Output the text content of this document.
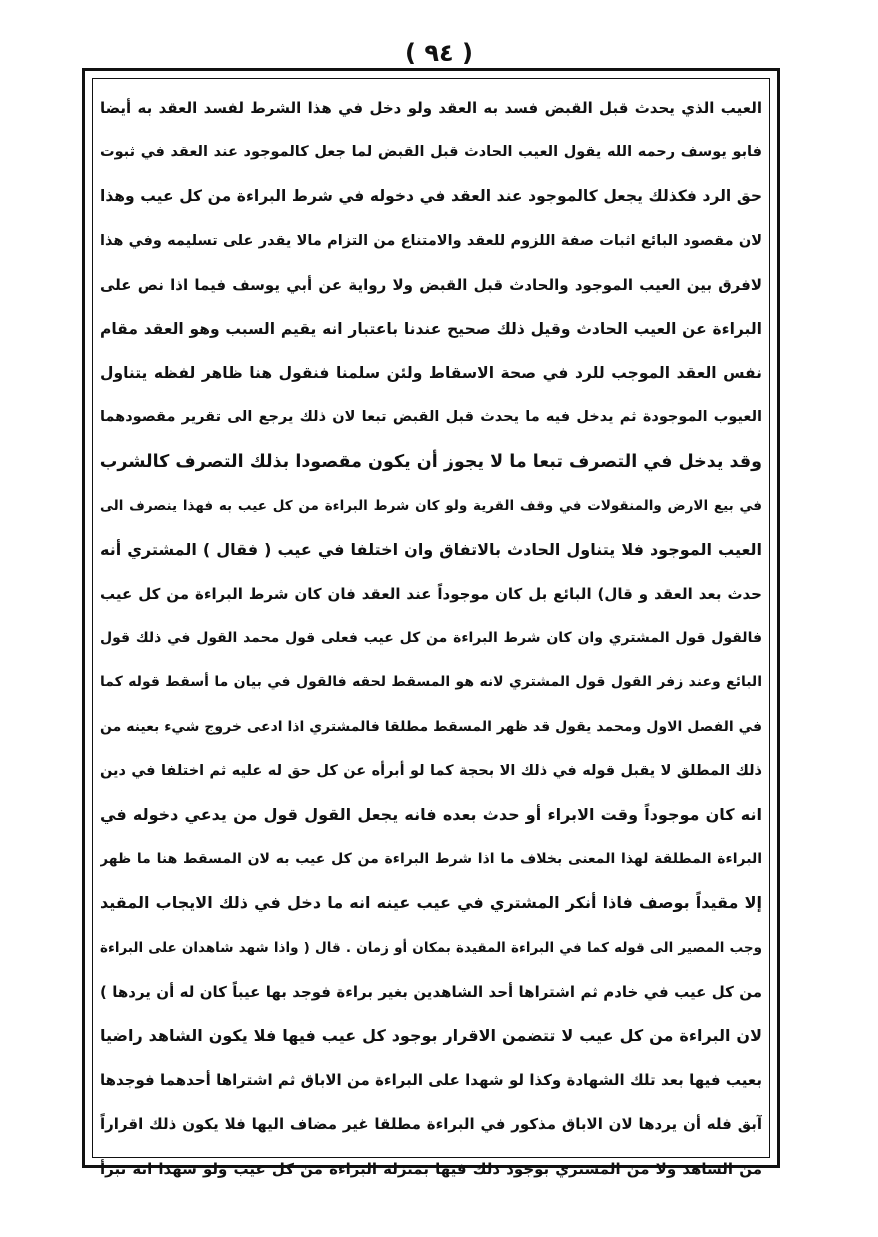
( ٩٤ )
العيب الذي يحدث قبل القبض فسد به العقد ولو دخل في هذا الشرط لفسد العقد به أيضا
فابو يوسف رحمه الله يقول العيب الحادث قبل القبض لما جعل كالموجود عند العقد في ثبوت
حق الرد فكذلك يجعل كالموجود عند العقد في دخوله في شرط البراءة من كل عيب وهذا
لان مقصود البائع اثبات صفة اللزوم للعقد والامتناع من التزام مالا يقدر على تسليمه وفي هذا
لافرق بين العيب الموجود والحادث قبل القبض ولا رواية عن أبي يوسف فيما اذا نص على
البراءة عن العيب الحادث وقيل ذلك صحيح عندنا باعتبار انه يقيم السبب وهو العقد مقام
نفس العقد الموجب للرد في صحة الاسقاط ولئن سلمنا فنقول هنا ظاهر لفظه يتناول
العيوب الموجودة ثم يدخل فيه ما يحدث قبل القبض تبعا لان ذلك يرجع الى تقرير مقصودهما
وقد يدخل في التصرف تبعا ما لا يجوز أن يكون مقصودا بذلك التصرف كالشرب
في بيع الارض والمنقولات في وقف القرية ولو كان شرط البراءة من كل عيب به فهذا ينصرف الى
العيب الموجود فلا يتناول الحادث بالاتفاق وان اختلفا في عيب ( فقال ) المشتري أنه
حدث بعد العقد و قال) البائع بل كان موجوداً عند العقد فان كان شرط البراءة من كل عيب
فالقول قول المشتري وان كان شرط البراءة من كل عيب فعلى قول محمد القول في ذلك قول
البائع وعند زفر القول قول المشتري لانه هو المسقط لحقه فالقول في بيان ما أسقط قوله كما
في الفصل الاول ومحمد يقول قد ظهر المسقط مطلقا فالمشتري اذا ادعى خروج شيء بعينه من
ذلك المطلق لا يقبل قوله في ذلك الا بحجة كما لو أبرأه عن كل حق له عليه ثم اختلفا في دين
انه كان موجوداً وقت الابراء أو حدث بعده فانه يجعل القول قول من يدعي دخوله في
البراءة المطلقة لهذا المعنى بخلاف ما اذا شرط البراءة من كل عيب به لان المسقط هنا ما ظهر
إلا مقيداً بوصف فاذا أنكر المشتري في عيب عينه انه ما دخل في ذلك الايجاب المقيد
وجب المصير الى قوله كما في البراءة المقيدة بمكان أو زمان . قال ( واذا شهد شاهدان على البراءة
من كل عيب في خادم ثم اشتراها أحد الشاهدين بغير براءة فوجد بها عيباً كان له أن يردها )
لان البراءة من كل عيب لا تتضمن الاقرار بوجود كل عيب فيها فلا يكون الشاهد راضيا
بعيب فيها بعد تلك الشهادة وكذا لو شهدا على البراءة من الاباق ثم اشتراها أحدهما فوجدها
آبق فله أن يردها لان الاباق مذكور في البراءة مطلقا غير مضاف اليها فلا يكون ذلك اقراراً
من الشاهد ولا من المشتري بوجود ذلك فيها بمنزلة البراءة من كل عيب ولو شهدا انه تبرأ
